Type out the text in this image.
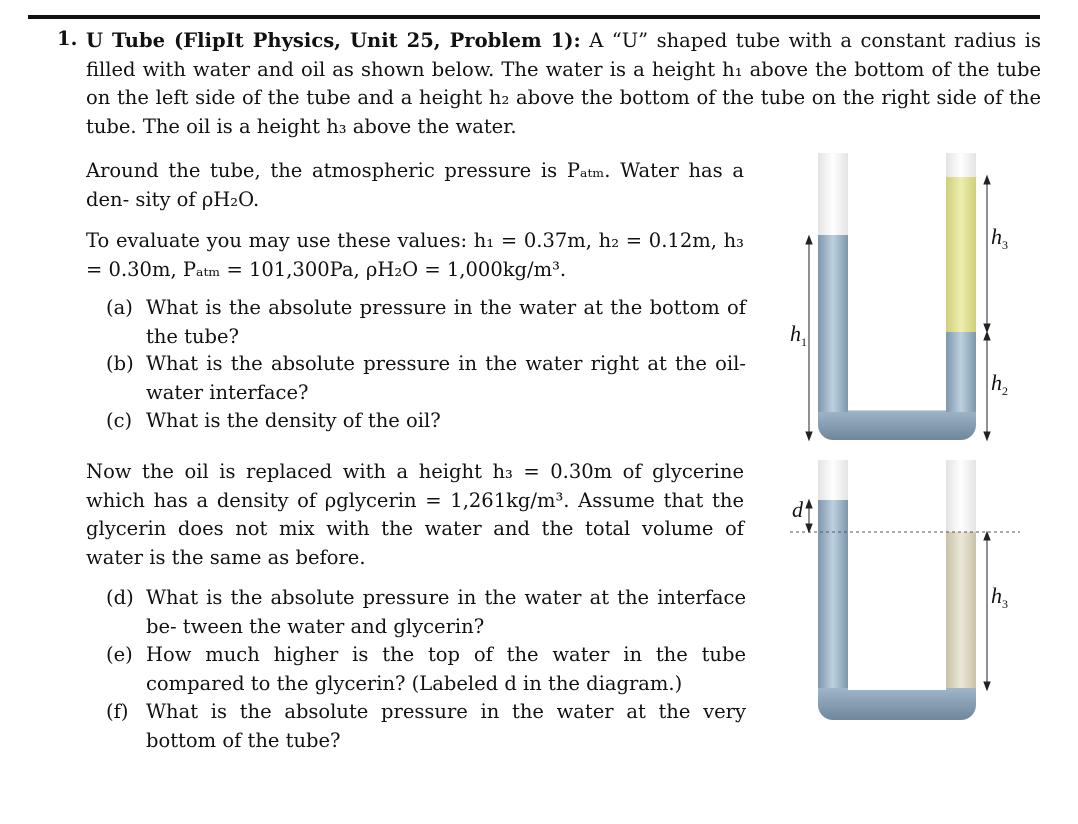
1. U Tube (FlipIt Physics, Unit 25, Problem 1): A “U” shaped tube with a constant radius is filled with water and oil as shown below. The water is a height h₁ above the bottom of the tube on the left side of the tube and a height h₂ above the bottom of the tube on the right side of the tube. The oil is a height h₃ above the water.
Around the tube, the atmospheric pressure is Pₐₜₘ. Water has a den- sity of ρH₂O.
To evaluate you may use these values: h₁ = 0.37m, h₂ = 0.12m, h₃ = 0.30m, Pₐₜₘ = 101,300Pa, ρH₂O = 1,000kg/m³.
(a) What is the absolute pressure in the water at the bottom of the tube?
(b) What is the absolute pressure in the water right at the oil-water interface?
(c) What is the density of the oil?
Now the oil is replaced with a height h₃ = 0.30m of glycerine which has a density of ρglycerin = 1,261kg/m³. Assume that the glycerin does not mix with the water and the total volume of water is the same as before.
(d) What is the absolute pressure in the water at the interface be- tween the water and glycerin?
(e) How much higher is the top of the water in the tube compared to the glycerin? (Labeled d in the diagram.)
(f) What is the absolute pressure in the water at the very bottom of the tube?
h 1
h 3
h 2
d
h 3
